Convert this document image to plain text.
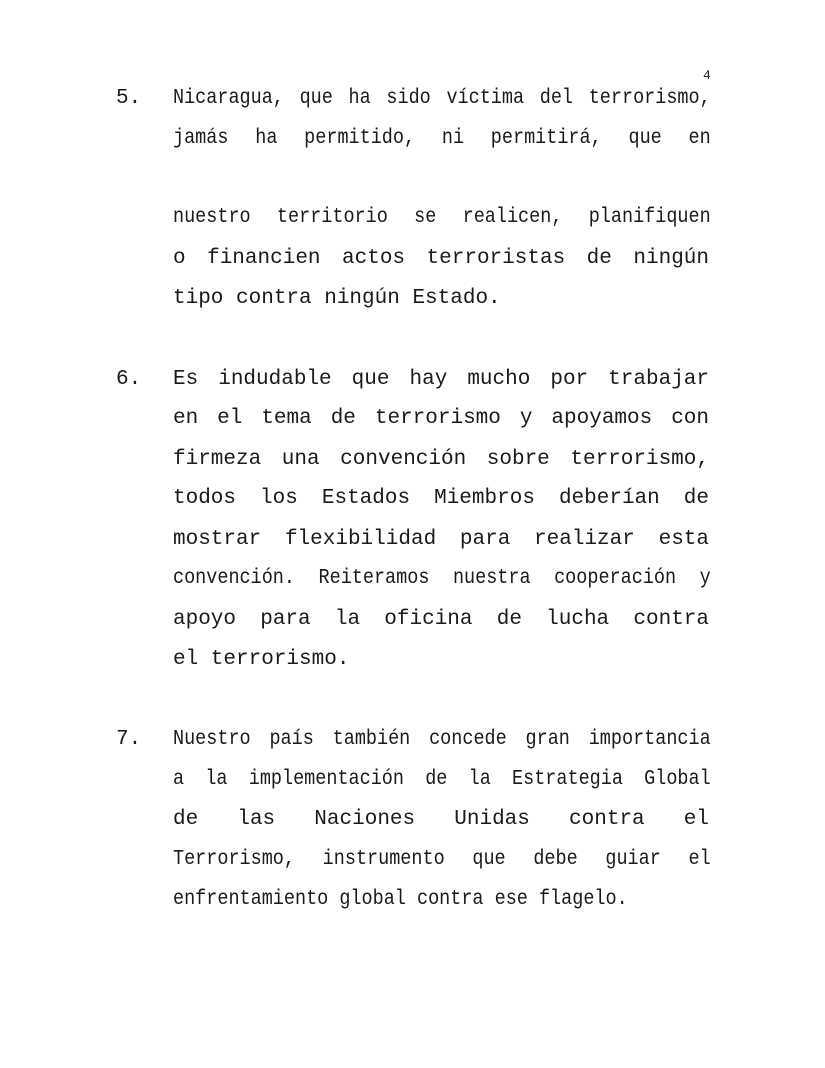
4
5. Nicaragua, que ha sido víctima del terrorismo,
jamás ha permitido, ni permitirá, que en
nuestro territorio se realicen, planifiquen
o financien actos terroristas de ningún
tipo contra ningún Estado.
6. Es indudable que hay mucho por trabajar
en el tema de terrorismo y apoyamos con
firmeza una convención sobre terrorismo,
todos los Estados Miembros deberían de
mostrar flexibilidad para realizar esta
convención. Reiteramos nuestra cooperación y
apoyo para la oficina de lucha contra
el terrorismo.
7. Nuestro país también concede gran importancia
a la implementación de la Estrategia Global
de las Naciones Unidas contra el
Terrorismo, instrumento que debe guiar el
enfrentamiento global contra ese flagelo.
